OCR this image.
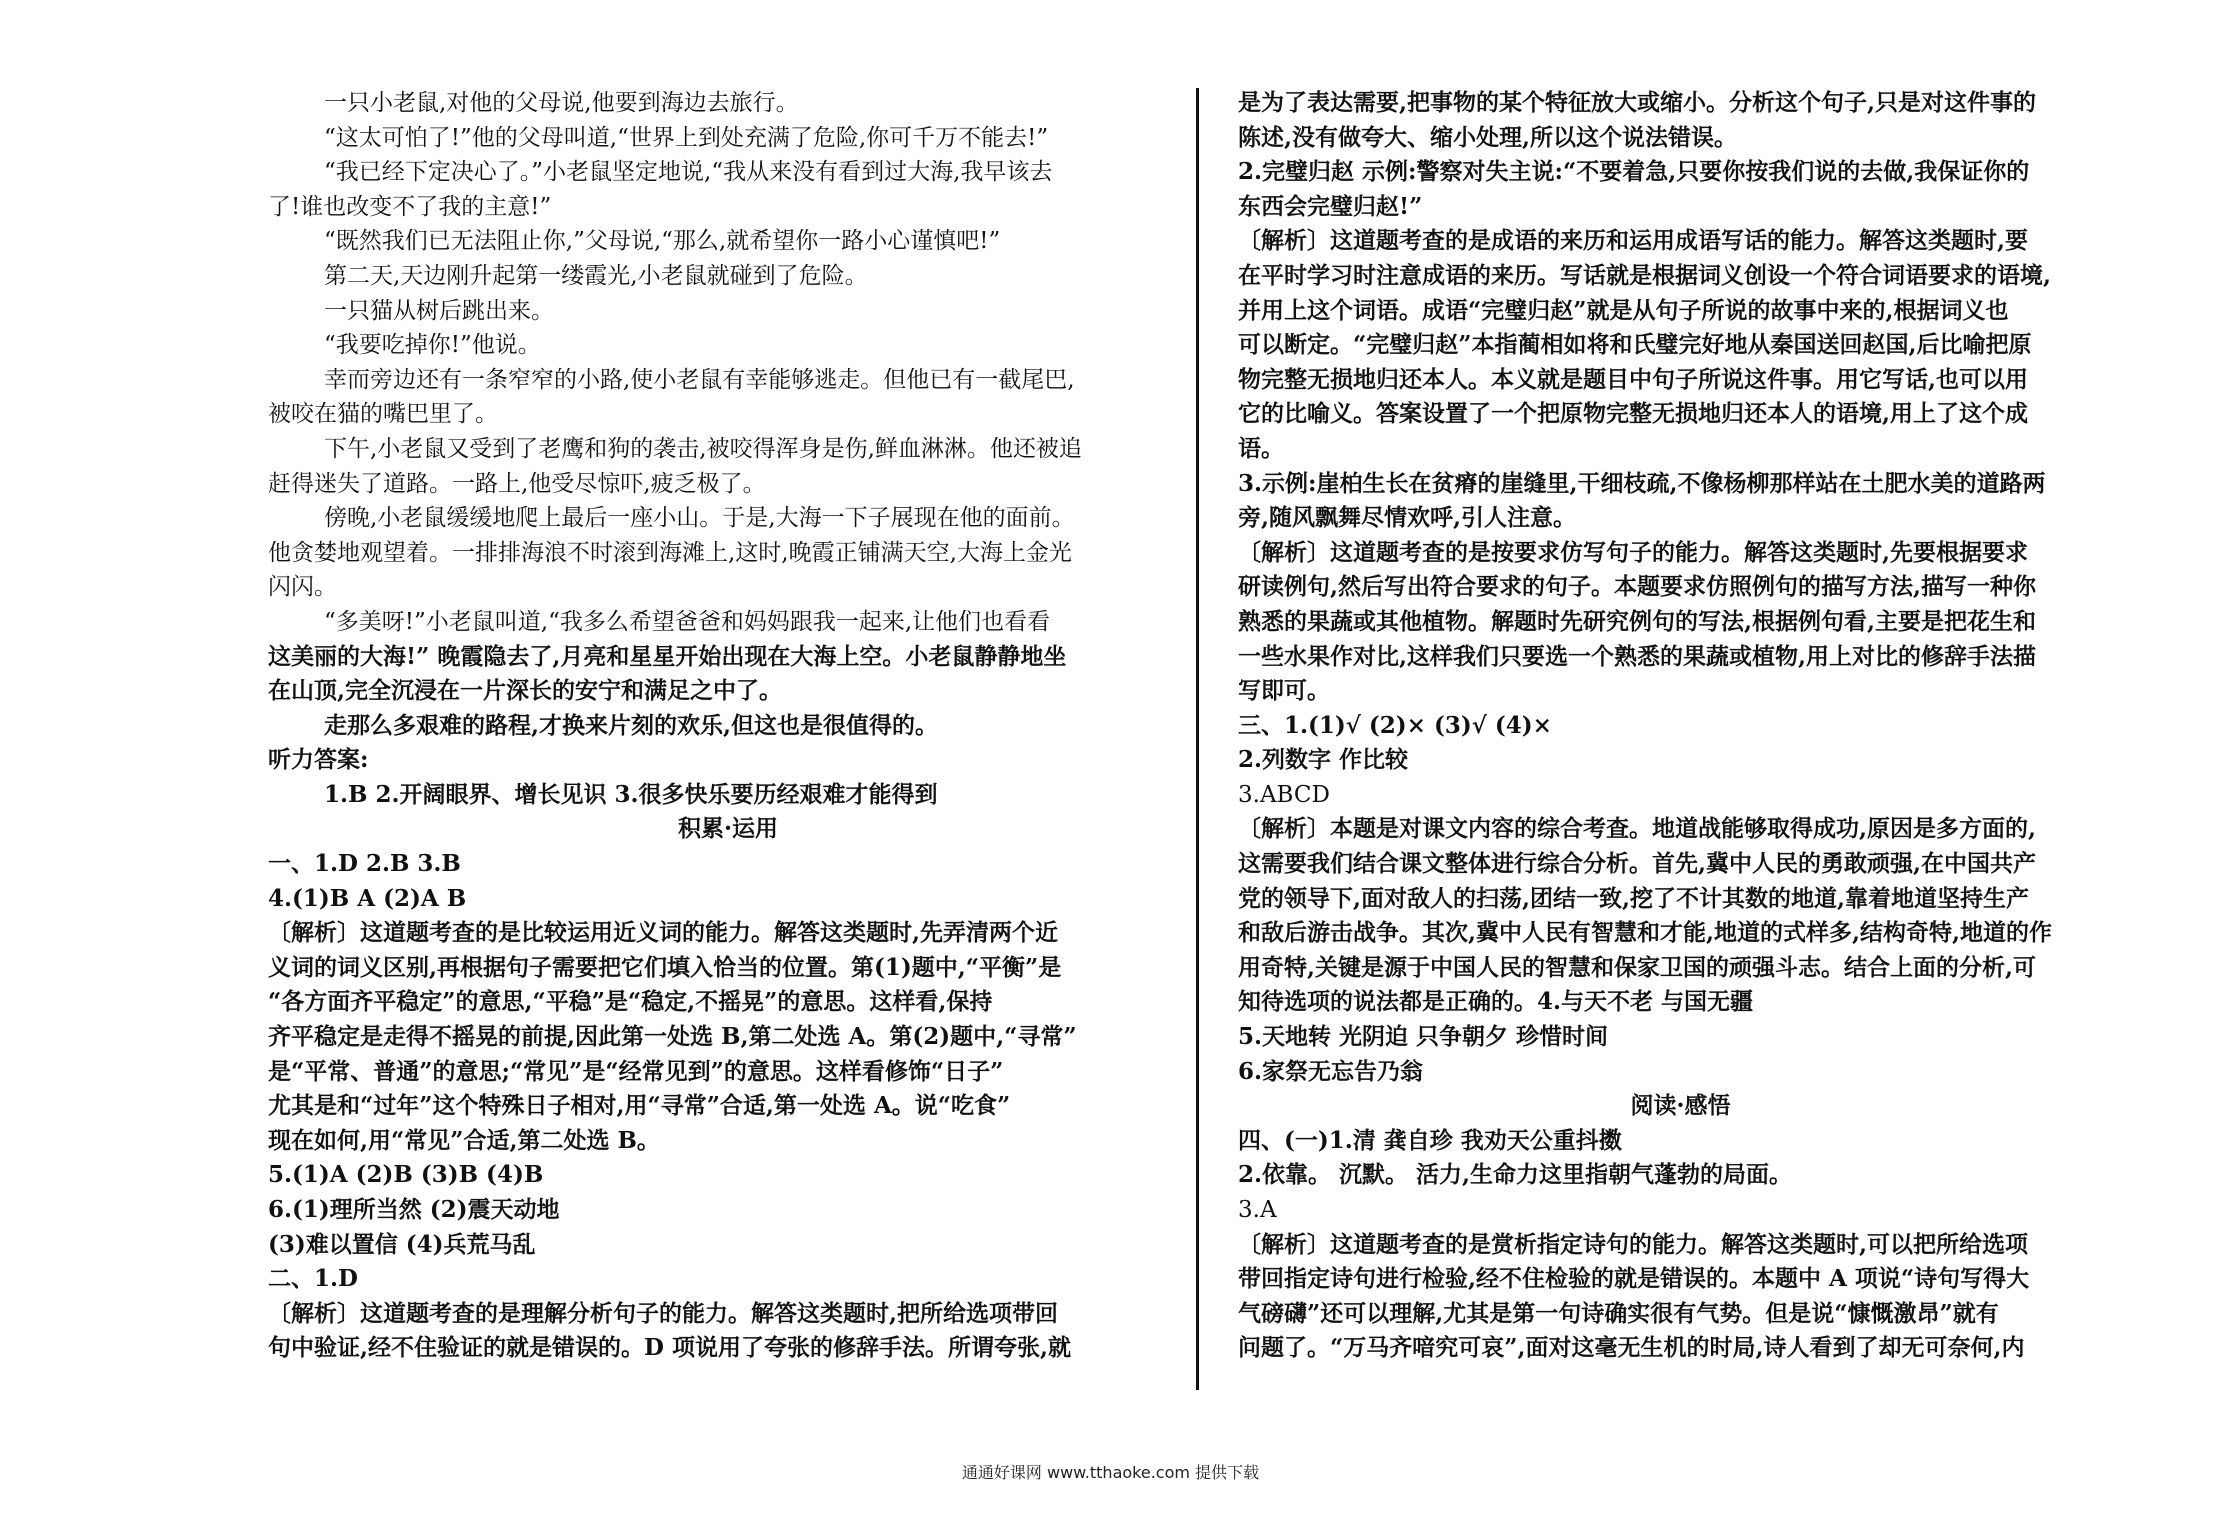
一只小老鼠,对他的父母说,他要到海边去旅行。
“这太可怕了!”他的父母叫道,“世界上到处充满了危险,你可千万不能去!”
“我已经下定决心了。”小老鼠坚定地说,“我从来没有看到过大海,我早该去
了!谁也改变不了我的主意!”
“既然我们已无法阻止你,”父母说,“那么,就希望你一路小心谨慎吧!”
第二天,天边刚升起第一缕霞光,小老鼠就碰到了危险。
一只猫从树后跳出来。
“我要吃掉你!”他说。
幸而旁边还有一条窄窄的小路,使小老鼠有幸能够逃走。但他已有一截尾巴,
被咬在猫的嘴巴里了。
下午,小老鼠又受到了老鹰和狗的袭击,被咬得浑身是伤,鲜血淋淋。他还被追
赶得迷失了道路。一路上,他受尽惊吓,疲乏极了。
傍晚,小老鼠缓缓地爬上最后一座小山。于是,大海一下子展现在他的面前。
他贪婪地观望着。一排排海浪不时滚到海滩上,这时,晚霞正铺满天空,大海上金光
闪闪。
“多美呀!”小老鼠叫道,“我多么希望爸爸和妈妈跟我一起来,让他们也看看
这美丽的大海!” 晚霞隐去了,月亮和星星开始出现在大海上空。小老鼠静静地坐
在山顶,完全沉浸在一片深长的安宁和满足之中了。
走那么多艰难的路程,才换来片刻的欢乐,但这也是很值得的。
听力答案:
1.B 2.开阔眼界、增长见识 3.很多快乐要历经艰难才能得到
积累·运用
一、1.D 2.B 3.B
4.(1)B A (2)A B
〔解析〕这道题考查的是比较运用近义词的能力。解答这类题时,先弄清两个近
义词的词义区别,再根据句子需要把它们填入恰当的位置。第(1)题中,“平衡”是
“各方面齐平稳定”的意思,“平稳”是“稳定,不摇晃”的意思。这样看,保持
齐平稳定是走得不摇晃的前提,因此第一处选 B,第二处选 A。第(2)题中,“寻常”
是“平常、普通”的意思;“常见”是“经常见到”的意思。这样看修饰“日子”
尤其是和“过年”这个特殊日子相对,用“寻常”合适,第一处选 A。说“吃食”
现在如何,用“常见”合适,第二处选 B。
5.(1)A (2)B (3)B (4)B
6.(1)理所当然 (2)震天动地
(3)难以置信 (4)兵荒马乱
二、1.D
〔解析〕这道题考查的是理解分析句子的能力。解答这类题时,把所给选项带回
句中验证,经不住验证的就是错误的。D 项说用了夸张的修辞手法。所谓夸张,就
是为了表达需要,把事物的某个特征放大或缩小。分析这个句子,只是对这件事的
陈述,没有做夸大、缩小处理,所以这个说法错误。
2.完璧归赵 示例:警察对失主说:“不要着急,只要你按我们说的去做,我保证你的
东西会完璧归赵!”
〔解析〕这道题考查的是成语的来历和运用成语写话的能力。解答这类题时,要
在平时学习时注意成语的来历。写话就是根据词义创设一个符合词语要求的语境,
并用上这个词语。成语“完璧归赵”就是从句子所说的故事中来的,根据词义也
可以断定。“完璧归赵”本指蔺相如将和氏璧完好地从秦国送回赵国,后比喻把原
物完整无损地归还本人。本义就是题目中句子所说这件事。用它写话,也可以用
它的比喻义。答案设置了一个把原物完整无损地归还本人的语境,用上了这个成
语。
3.示例:崖柏生长在贫瘠的崖缝里,干细枝疏,不像杨柳那样站在土肥水美的道路两
旁,随风飘舞尽情欢呼,引人注意。
〔解析〕这道题考查的是按要求仿写句子的能力。解答这类题时,先要根据要求
研读例句,然后写出符合要求的句子。本题要求仿照例句的描写方法,描写一种你
熟悉的果蔬或其他植物。解题时先研究例句的写法,根据例句看,主要是把花生和
一些水果作对比,这样我们只要选一个熟悉的果蔬或植物,用上对比的修辞手法描
写即可。
三、1.(1)√ (2)× (3)√ (4)×
2.列数字 作比较
3.ABCD
〔解析〕本题是对课文内容的综合考查。地道战能够取得成功,原因是多方面的,
这需要我们结合课文整体进行综合分析。首先,冀中人民的勇敢顽强,在中国共产
党的领导下,面对敌人的扫荡,团结一致,挖了不计其数的地道,靠着地道坚持生产
和敌后游击战争。其次,冀中人民有智慧和才能,地道的式样多,结构奇特,地道的作
用奇特,关键是源于中国人民的智慧和保家卫国的顽强斗志。结合上面的分析,可
知待选项的说法都是正确的。4.与天不老 与国无疆
5.天地转 光阴迫 只争朝夕 珍惜时间
6.家祭无忘告乃翁
阅读·感悟
四、(一)1.清 龚自珍 我劝天公重抖擞
2.依靠。 沉默。 活力,生命力这里指朝气蓬勃的局面。
3.A
〔解析〕这道题考查的是赏析指定诗句的能力。解答这类题时,可以把所给选项
带回指定诗句进行检验,经不住检验的就是错误的。本题中 A 项说“诗句写得大
气磅礴”还可以理解,尤其是第一句诗确实很有气势。但是说“慷慨激昂”就有
问题了。“万马齐喑究可哀”,面对这毫无生机的时局,诗人看到了却无可奈何,内
通通好课网 www.tthaoke.com 提供下载
